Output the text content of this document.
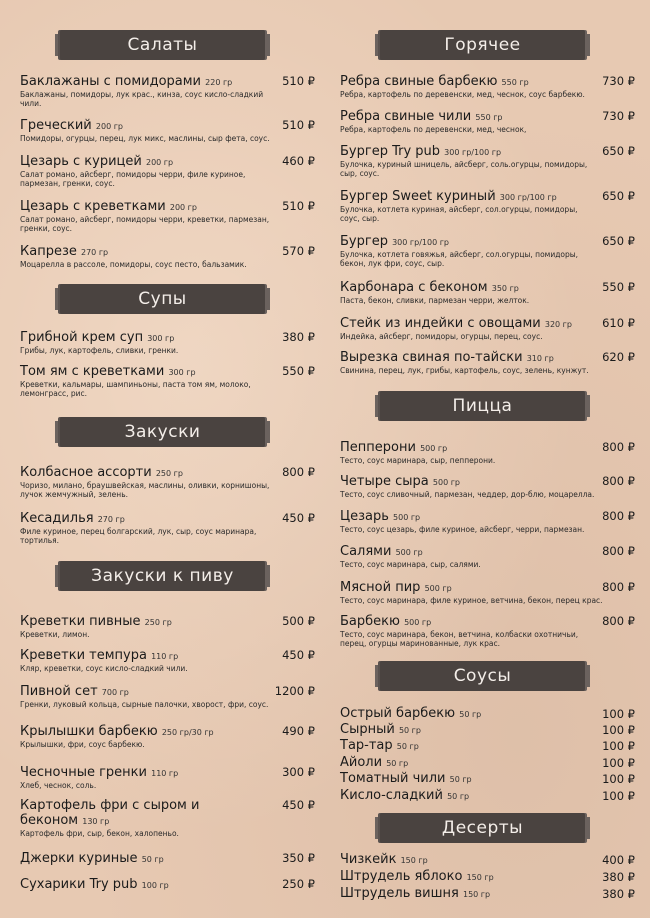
Салаты
Баклажаны с помидорами 220 гр
Баклажаны, помидоры, лук крас., кинза, соус кисло-сладкий чили.
510 ₽
Греческий 200 гр
Помидоры, огурцы, перец, лук микс, маслины, сыр фета, соус.
510 ₽
Цезарь с курицей 200 гр
Салат романо, айсберг, помидоры черри, филе куриное, пармезан, гренки, соус.
460 ₽
Цезарь с креветками 200 гр
Салат романо, айсберг, помидоры черри, креветки, пармезан, гренки, соус.
510 ₽
Капрезе 270 гр
Моцарелла в рассоле, помидоры, соус песто, бальзамик.
570 ₽
Супы
Грибной крем суп 300 гр
Грибы, лук, картофель, сливки, гренки.
380 ₽
Том ям с креветками 300 гр
Креветки, кальмары, шампиньоны, паста том ям, молоко, лемонграсс, рис.
550 ₽
Закуски
Колбасное ассорти 250 гр
Чоризо, милано, браушвейская, маслины, оливки, корнишоны, лучок жемчужный, зелень.
800 ₽
Кесадилья 270 гр
Филе куриное, перец болгарский, лук, сыр, соус маринара, тортилья.
450 ₽
Закуски к пиву
Креветки пивные 250 гр
Креветки, лимон.
500 ₽
Креветки темпура 110 гр
Кляр, креветки, соус кисло-сладкий чили.
450 ₽
Пивной сет 700 гр
Гренки, луковый кольца, сырные палочки, хворост, фри, соус.
1200 ₽
Крылышки барбекю 250 гр/30 гр
Крылышки, фри, соус барбекю.
490 ₽
Чесночные гренки 110 гр
Хлеб, чеснок, соль.
300 ₽
Картофель фри с сыром и беконом 130 гр
Картофель фри, сыр, бекон, халопеньо.
450 ₽
Джерки куриные 50 гр	350 ₽
Сухарики Try pub 100 гр	250 ₽
Горячее
Ребра свиные барбекю 550 гр
Ребра, картофель по деревенски, мед, чеснок, соус барбекю.
730 ₽
Ребра свиные чили 550 гр
Ребра, картофель по деревенски, мед, чеснок,
730 ₽
Бургер Try pub 300 гр/100 гр
Булочка, куриный шницель, айсберг, соль.огурцы, помидоры, сыр, соус.
650 ₽
Бургер Sweet куриный 300 гр/100 гр
Булочка, котлета куриная, айсберг, сол.огурцы, помидоры, соус, сыр.
650 ₽
Бургер 300 гр/100 гр
Булочка, котлета говяжья, айсберг, сол.огурцы, помидоры, бекон, лук фри, соус, сыр.
650 ₽
Карбонара с беконом 350 гр
Паста, бекон, сливки, пармезан черри, желток.
550 ₽
Стейк из индейки с овощами 320 гр
Индейка, айсберг, помидоры, огурцы, перец, соус.
610 ₽
Вырезка свиная по-тайски 310 гр
Свинина, перец, лук, грибы, картофель, соус, зелень, кунжут.
620 ₽
Пицца
Пепперони 500 гр
Тесто, соус маринара, сыр, пепперони.
800 ₽
Четыре сыра 500 гр
Тесто, соус сливочный, пармезан, чеддер, дор-блю, моцарелла.
800 ₽
Цезарь 500 гр
Тесто, соус цезарь, филе куриное, айсберг, черри, пармезан.
800 ₽
Салями 500 гр
Тесто, соус маринара, сыр, салями.
800 ₽
Мясной пир 500 гр
Тесто, соус маринара, филе куриное, ветчина, бекон, перец крас.
800 ₽
Барбекю 500 гр
Тесто, соус маринара, бекон, ветчина, колбаски охотничьи, перец, огурцы маринованные, лук крас.
800 ₽
Соусы
Острый барбекю 50 гр	100 ₽
Сырный 50 гр	100 ₽
Тар-тар 50 гр	100 ₽
Айоли 50 гр	100 ₽
Томатный чили 50 гр	100 ₽
Кисло-сладкий 50 гр	100 ₽
Десерты
Чизкейк 150 гр	400 ₽
Штрудель яблоко 150 гр	380 ₽
Штрудель вишня 150 гр	380 ₽
